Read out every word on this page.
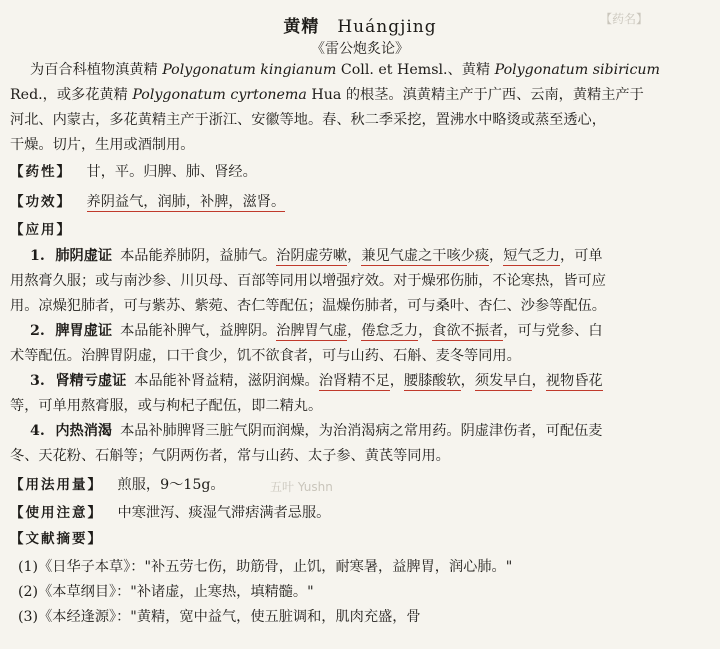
【药名】
五叶 Yushn
黄精 Huángjing
《雷公炮炙论》
为百合科植物滇黄精 Polygonatum kingianum Coll. et Hemsl.、黄精 Polygonatum sibiricum
Red.，或多花黄精 Polygonatum cyrtonema Hua 的根茎。滇黄精主产于广西、云南，黄精主产于
河北、内蒙古，多花黄精主产于浙江、安徽等地。春、秋二季采挖，置沸水中略烫或蒸至透心，
干燥。切片，生用或酒制用。
【药性】 甘，平。归脾、肺、肾经。
【功效】 养阴益气，润肺，补脾，滋肾。
【应用】
1. 肺阴虚证 本品能养肺阴，益肺气。治阴虚劳嗽，兼见气虚之干咳少痰，短气乏力，可单
用熬膏久服；或与南沙参、川贝母、百部等同用以增强疗效。对于燥邪伤肺，不论寒热，皆可应
用。凉燥犯肺者，可与紫苏、紫菀、杏仁等配伍；温燥伤肺者，可与桑叶、杏仁、沙参等配伍。
2. 脾胃虚证 本品能补脾气，益脾阴。治脾胃气虚，倦怠乏力，食欲不振者，可与党参、白
术等配伍。治脾胃阴虚，口干食少，饥不欲食者，可与山药、石斛、麦冬等同用。
3. 肾精亏虚证 本品能补肾益精，滋阴润燥。治肾精不足，腰膝酸软，须发早白，视物昏花
等，可单用熬膏服，或与枸杞子配伍，即二精丸。
4. 内热消渴 本品补肺脾肾三脏气阴而润燥，为治消渴病之常用药。阴虚津伤者，可配伍麦
冬、天花粉、石斛等；气阴两伤者，常与山药、太子参、黄芪等同用。
【用法用量】 煎服，9～15g。
【使用注意】 中寒泄泻、痰湿气滞痞满者忌服。
【文献摘要】
(1)《日华子本草》："补五劳七伤，助筋骨，止饥，耐寒暑，益脾胃，润心肺。"
(2)《本草纲目》："补诸虚，止寒热，填精髓。"
(3)《本经逢源》："黄精，宽中益气，使五脏调和，肌肉充盛，骨
